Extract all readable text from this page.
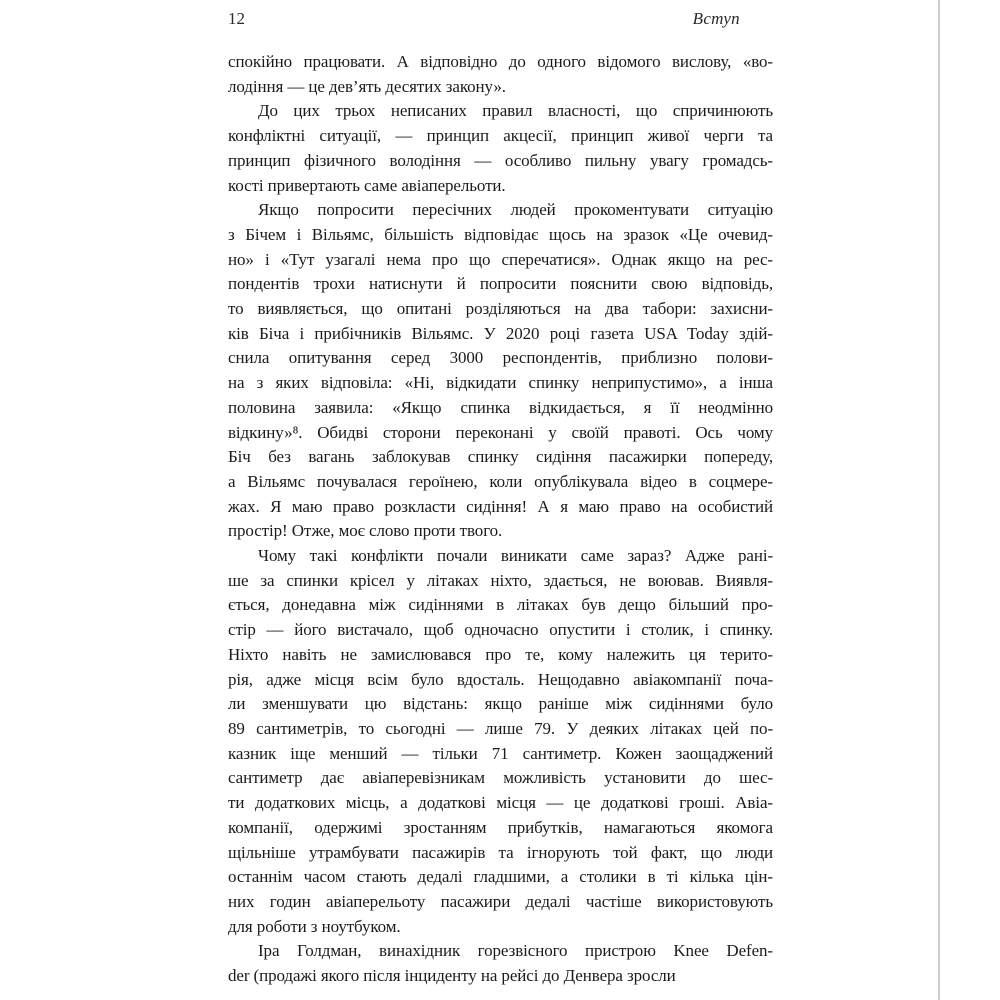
12	Вступ
спокійно працювати. А відповідно до одного відомого вислову, «во-
лодіння — це дев’ять десятих закону».
До цих трьох неписаних правил власності, що спричинюють
конфліктні ситуації, — принцип акцесії, принцип живої черги та
принцип фізичного володіння — особливо пильну увагу громадсь-
кості привертають саме авіаперельоти.
Якщо попросити пересічних людей прокоментувати ситуацію
з Бічем і Вільямс, більшість відповідає щось на зразок «Це очевид-
но» і «Тут узагалі нема про що сперечатися». Однак якщо на рес-
пондентів трохи натиснути й попросити пояснити свою відповідь,
то виявляється, що опитані розділяються на два табори: захисни-
ків Біча і прибічників Вільямс. У 2020 році газета USA Today здій-
снила опитування серед 3000 респондентів, приблизно полови-
на з яких відповіла: «Ні, відкидати спинку неприпустимо», а інша
половина заявила: «Якщо спинка відкидається, я її неодмінно
відкину»⁸. Обидві сторони переконані у своїй правоті. Ось чому
Біч без вагань заблокував спинку сидіння пасажирки попереду,
а Вільямс почувалася героїнею, коли опублікувала відео в соцмере-
жах. Я маю право розкласти сидіння! А я маю право на особистий
простір! Отже, моє слово проти твого.
Чому такі конфлікти почали виникати саме зараз? Адже рані-
ше за спинки крісел у літаках ніхто, здається, не воював. Виявля-
ється, донедавна між сидіннями в літаках був дещо більший про-
стір — його вистачало, щоб одночасно опустити і столик, і спинку.
Ніхто навіть не замислювався про те, кому належить ця терито-
рія, адже місця всім було вдосталь. Нещодавно авіакомпанії поча-
ли зменшувати цю відстань: якщо раніше між сидіннями було
89 сантиметрів, то сьогодні — лише 79. У деяких літаках цей по-
казник іще менший — тільки 71 сантиметр. Кожен заощаджений
сантиметр дає авіаперевізникам можливість установити до шес-
ти додаткових місць, а додаткові місця — це додаткові гроші. Авіа-
компанії, одержимі зростанням прибутків, намагаються якомога
щільніше утрамбувати пасажирів та ігнорують той факт, що люди
останнім часом стають дедалі гладшими, а столики в ті кілька цін-
них годин авіаперельоту пасажири дедалі частіше використовують
для роботи з ноутбуком.
Іра Голдман, винахідник горезвісного пристрою Knee Defen-
der (продажі якого після інциденту на рейсі до Денвера зросли
